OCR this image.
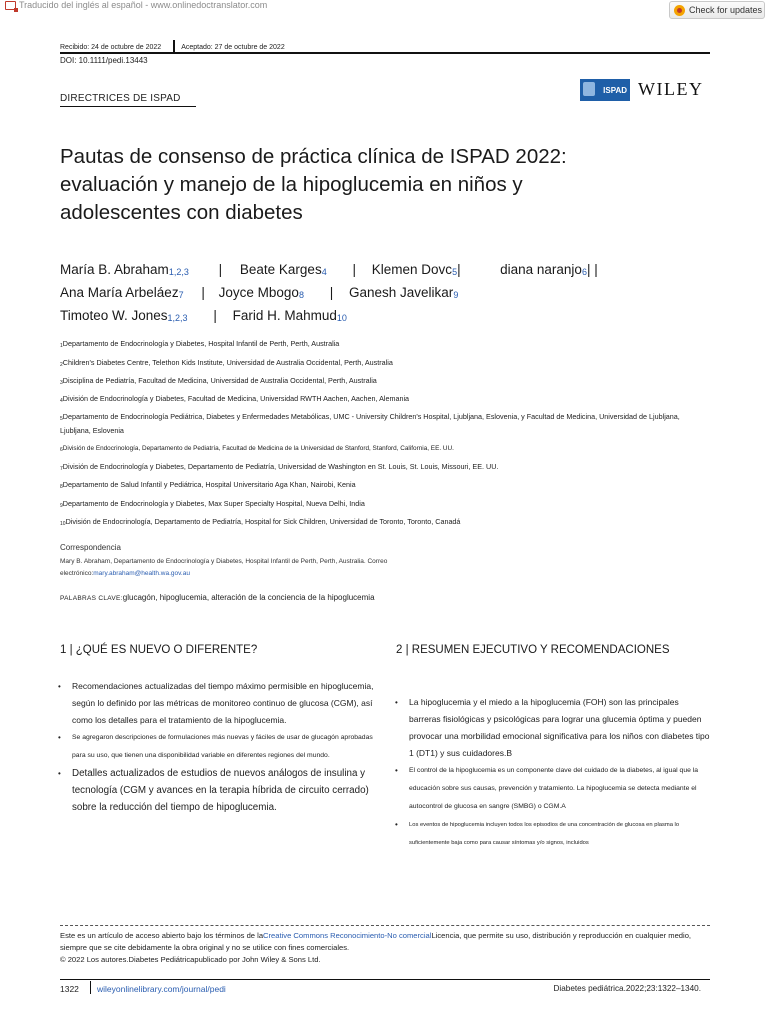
Traducido del inglés al español - www.onlinedoctranslator.com	Check for updates
Recibido: 24 de octubre de 2022	Aceptado: 27 de octubre de 2022
DOI: 10.1111/pedi.13443
DIRECTRICES DE ISPAD
ISPAD WILEY
Pautas de consenso de práctica clínica de ISPAD 2022: evaluación y manejo de la hipoglucemia en niños y adolescentes con diabetes
María B. Abraham$^{1,2,3}$ | Beate Karges$^4$ | Klemen Dovc$^5$|	diana naranjo$^6$| |
Ana María Arbeláez$^7$ | Joyce Mbogo$^8$ | Ganesh Javelikar$^9$
Timoteo W. Jones$^{1,2,3}$ | Farid H. Mahmud$^{10}$
$^1$Departamento de Endocrinología y Diabetes, Hospital Infantil de Perth, Perth, Australia
$^2$Children's Diabetes Centre, Telethon Kids Institute, Universidad de Australia Occidental, Perth, Australia
$^3$Disciplina de Pediatría, Facultad de Medicina, Universidad de Australia Occidental, Perth, Australia
$^4$División de Endocrinología y Diabetes, Facultad de Medicina, Universidad RWTH Aachen, Aachen, Alemania
$^5$Departamento de Endocrinología Pediátrica, Diabetes y Enfermedades Metabólicas, UMC - University Children's Hospital, Ljubljana, Eslovenia, y Facultad de Medicina, Universidad de Ljubljana, Ljubljana, Eslovenia
$^6$División de Endocrinología, Departamento de Pediatría, Facultad de Medicina de la Universidad de Stanford, Stanford, California, EE. UU.
$^7$División de Endocrinología y Diabetes, Departamento de Pediatría, Universidad de Washington en St. Louis, St. Louis, Missouri, EE. UU.
$^8$Departamento de Salud Infantil y Pediátrica, Hospital Universitario Aga Khan, Nairobi, Kenia
$^9$Departamento de Endocrinología y Diabetes, Max Super Specialty Hospital, Nueva Delhi, India
$^{10}$División de Endocrinología, Departamento de Pediatría, Hospital for Sick Children, Universidad de Toronto, Toronto, Canadá
Correspondencia
Mary B. Abraham, Departamento de Endocrinología y Diabetes, Hospital Infantil de Perth, Perth, Australia. Correo electrónico:mary.abraham@health.wa.gov.au
PALABRAS CLAVE:glucagón, hipoglucemia, alteración de la conciencia de la hipoglucemia
1 | ¿QUÉ ES NUEVO O DIFERENTE?
• Recomendaciones actualizadas del tiempo máximo permisible en hipoglucemia, según lo definido por las métricas de monitoreo continuo de glucosa (CGM), así como los detalles para el tratamiento de la hipoglucemia.
• Se agregaron descripciones de formulaciones más nuevas y fáciles de usar de glucagón aprobadas para su uso, que tienen una disponibilidad variable en diferentes regiones del mundo.
• Detalles actualizados de estudios de nuevos análogos de insulina y tecnología (CGM y avances en la terapia híbrida de circuito cerrado) sobre la reducción del tiempo de hipoglucemia.
2 | RESUMEN EJECUTIVO Y RECOMENDACIONES
• La hipoglucemia y el miedo a la hipoglucemia (FOH) son las principales barreras fisiológicas y psicológicas para lograr una glucemia óptima y pueden provocar una morbilidad emocional significativa para los niños con diabetes tipo 1 (DT1) y sus cuidadores.B
• El control de la hipoglucemia es un componente clave del cuidado de la diabetes, al igual que la educación sobre sus causas, prevención y tratamiento. La hipoglucemia se detecta mediante el autocontrol de glucosa en sangre (SMBG) o CGM.A
• Los eventos de hipoglucemia incluyen todos los episodios de una concentración de glucosa en plasma lo suficientemente baja como para causar síntomas y/o signos, incluidos
Este es un artículo de acceso abierto bajo los términos de laCreative Commons Reconocimiento-No comercialLicencia, que permite su uso, distribución y reproducción en cualquier medio, siempre que se cite debidamente la obra original y no se utilice con fines comerciales.
© 2022 Los autores.Diabetes Pediátricapublicado por John Wiley & Sons Ltd.
1322 wileyonlinelibrary.com/journal/pedi	Diabetes pediátrica.2022;23:1322–1340.
